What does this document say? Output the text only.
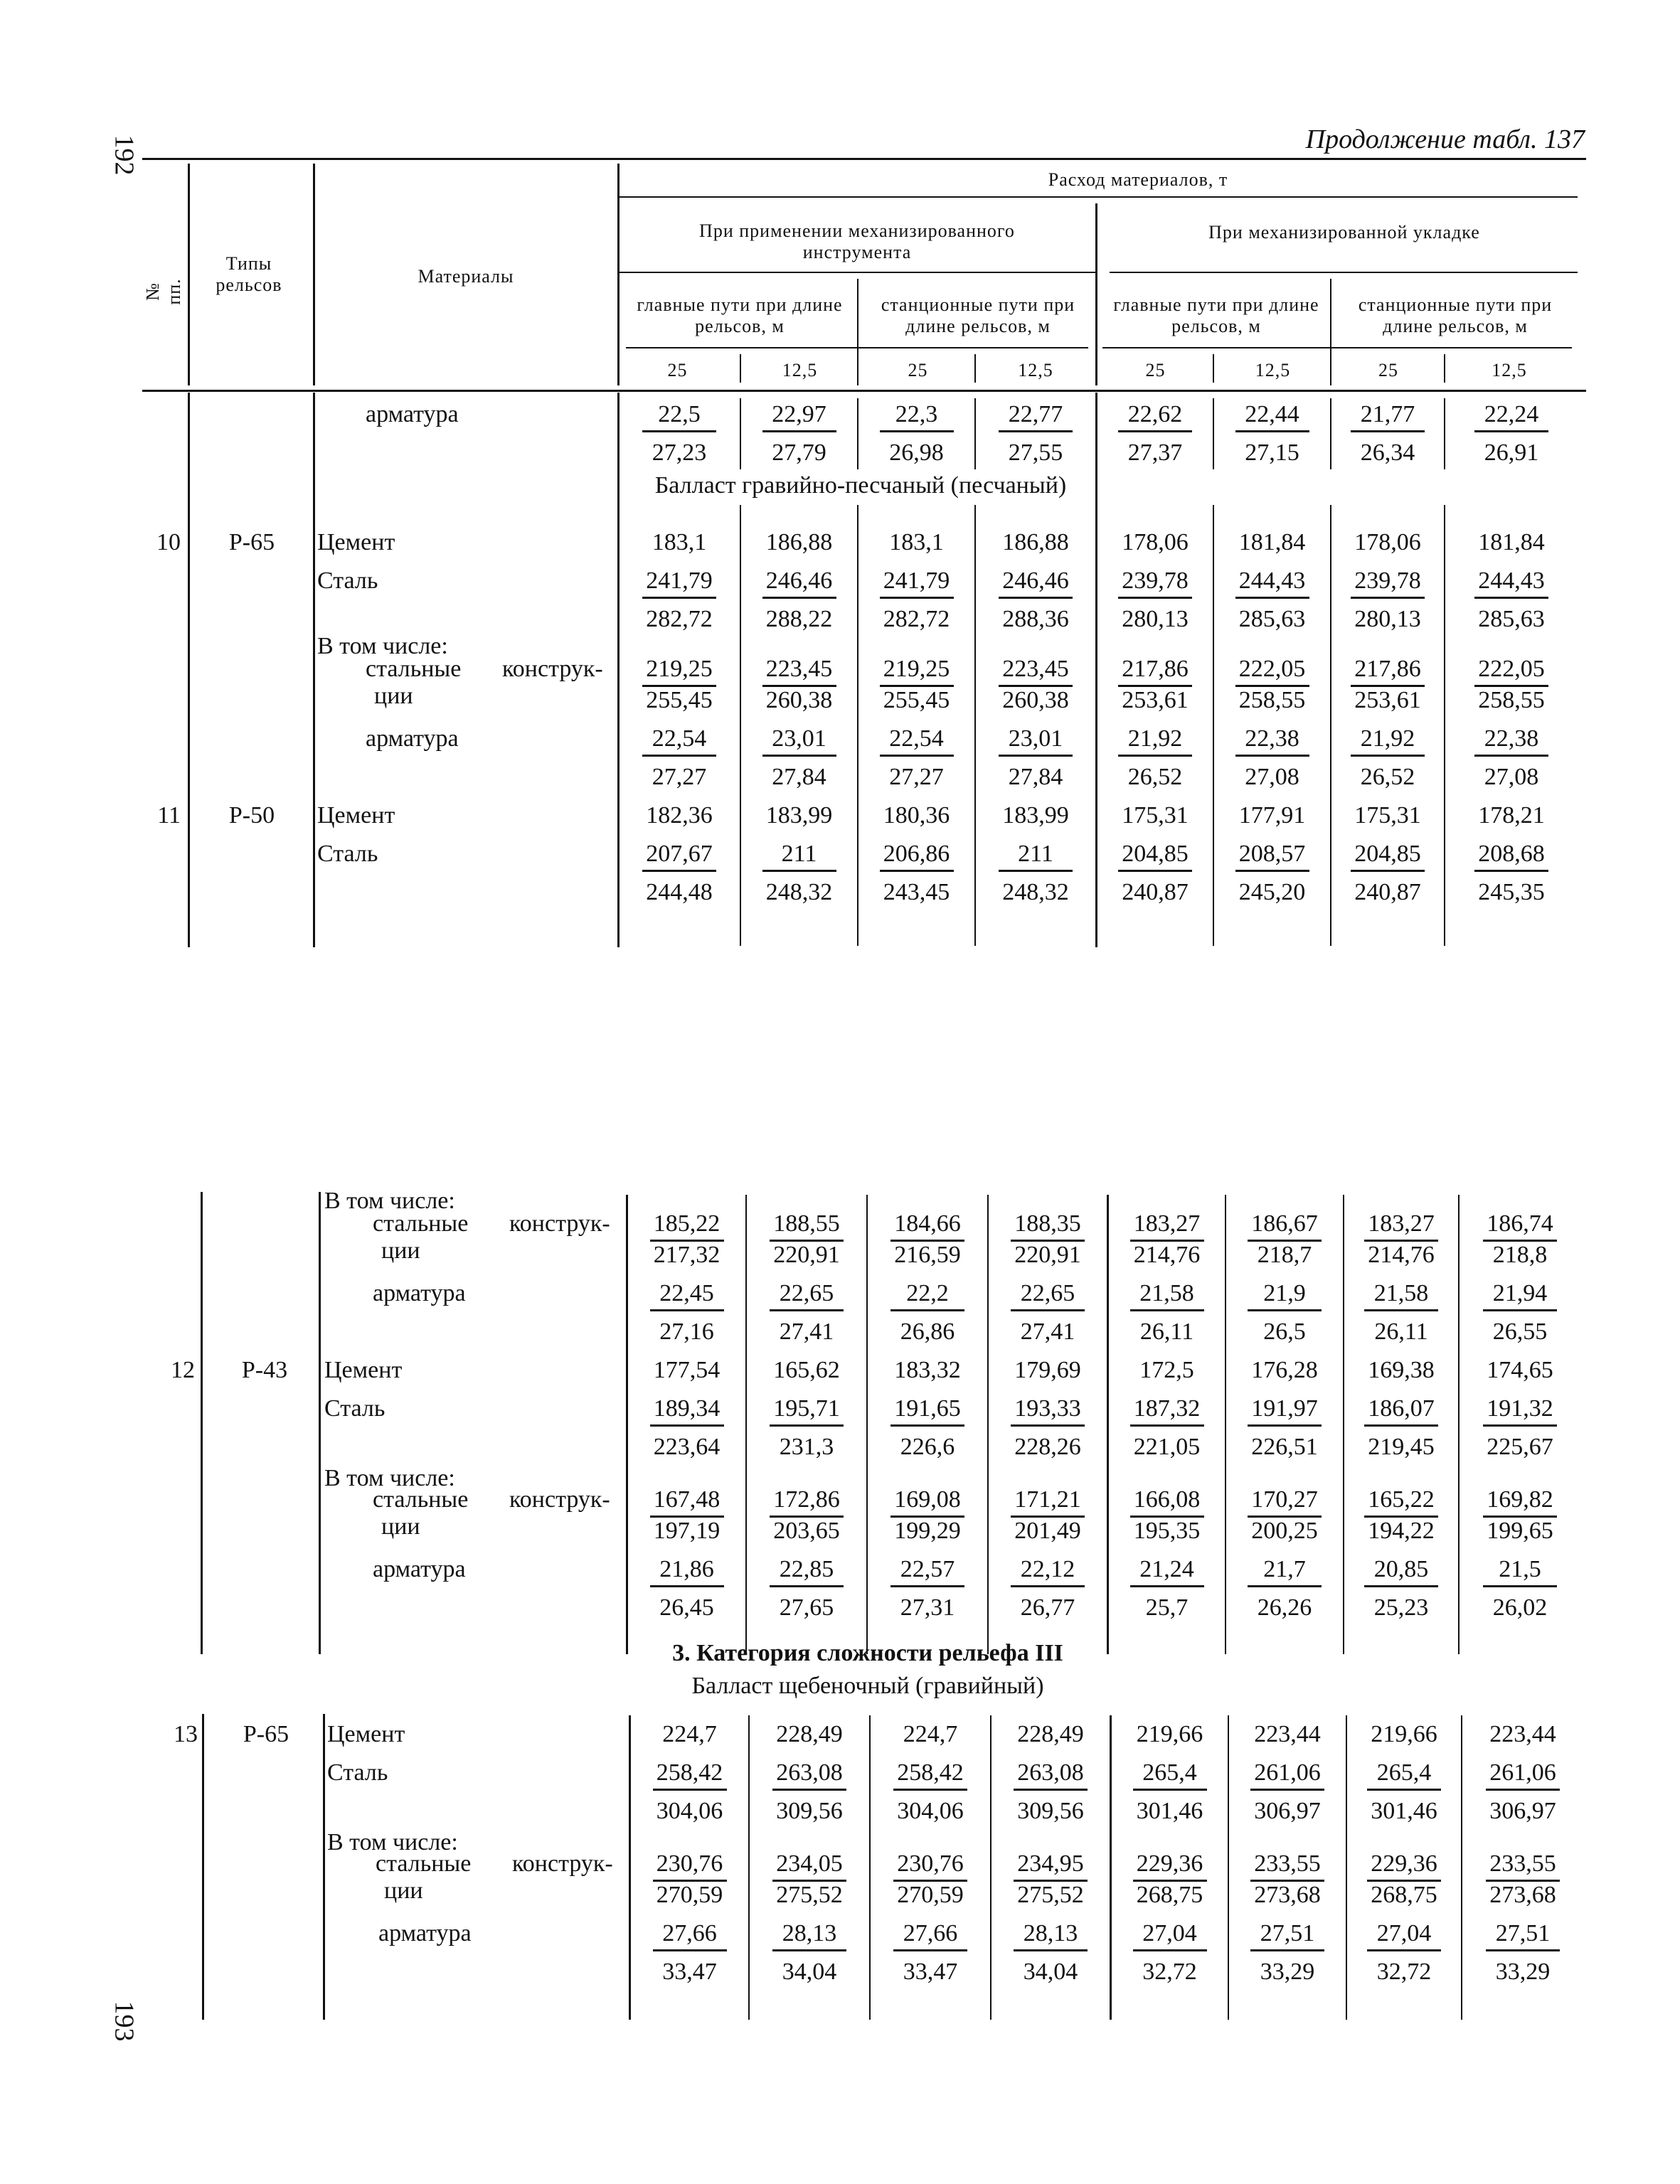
192
193
Продолжение табл. 137
№ пп.
Типы рельсов	Материалы
Расход материалов, т
При применении механизированного инструмента
При механизированной укладке
главные пути при длине рельсов, м
станционные пути при длине рельсов, м
главные пути при длине рельсов, м
станционные пути при длине рельсов, м
25	12,5	25	12,5	25	12,5	25	12,5
арматура	22,5	22,97	22,3	22,77	22,62	22,44	21,77	22,24
27,23	27,79	26,98	27,55	27,37	27,15	26,34	26,91
Балласт гравийно-песчаный (песчаный)
10	Р-65	Цемент	183,1	186,88	183,1	186,88	178,06	181,84	178,06	181,84
Сталь	241,79	246,46	241,79	246,46	239,78	244,43	239,78	244,43
282,72	288,22	282,72	288,36	280,13	285,63	280,13	285,63
В том числе:
стальные конструк-	219,25	223,45	219,25	223,45	217,86	222,05	217,86	222,05
ции	255,45	260,38	255,45	260,38	253,61	258,55	253,61	258,55
арматура	22,54	23,01	22,54	23,01	21,92	22,38	21,92	22,38
27,27	27,84	27,27	27,84	26,52	27,08	26,52	27,08
11	Р-50	Цемент	182,36	183,99	180,36	183,99	175,31	177,91	175,31	178,21
Сталь	207,67	211	206,86	211	204,85	208,57	204,85	208,68
244,48	248,32	243,45	248,32	240,87	245,20	240,87	245,35
В том числе:
стальные конструк-	185,22	188,55	184,66	188,35	183,27	186,67	183,27	186,74
ции	217,32	220,91	216,59	220,91	214,76	218,7	214,76	218,8
арматура	22,45	22,65	22,2	22,65	21,58	21,9	21,58	21,94
27,16	27,41	26,86	27,41	26,11	26,5	26,11	26,55
12	Р-43	Цемент	177,54	165,62	183,32	179,69	172,5	176,28	169,38	174,65
Сталь	189,34	195,71	191,65	193,33	187,32	191,97	186,07	191,32
223,64	231,3	226,6	228,26	221,05	226,51	219,45	225,67
В том числе:
стальные конструк-	167,48	172,86	169,08	171,21	166,08	170,27	165,22	169,82
ции	197,19	203,65	199,29	201,49	195,35	200,25	194,22	199,65
арматура	21,86	22,85	22,57	22,12	21,24	21,7	20,85	21,5
26,45	27,65	27,31	26,77	25,7	26,26	25,23	26,02
3. Категория сложности рельефа III
Балласт щебеночный (гравийный)
13	Р-65	Цемент	224,7	228,49	224,7	228,49	219,66	223,44	219,66	223,44
Сталь	258,42	263,08	258,42	263,08	265,4	261,06	265,4	261,06
304,06	309,56	304,06	309,56	301,46	306,97	301,46	306,97
В том числе:
стальные конструк-	230,76	234,05	230,76	234,95	229,36	233,55	229,36	233,55
ции	270,59	275,52	270,59	275,52	268,75	273,68	268,75	273,68
арматура	27,66	28,13	27,66	28,13	27,04	27,51	27,04	27,51
33,47	34,04	33,47	34,04	32,72	33,29	32,72	33,29
